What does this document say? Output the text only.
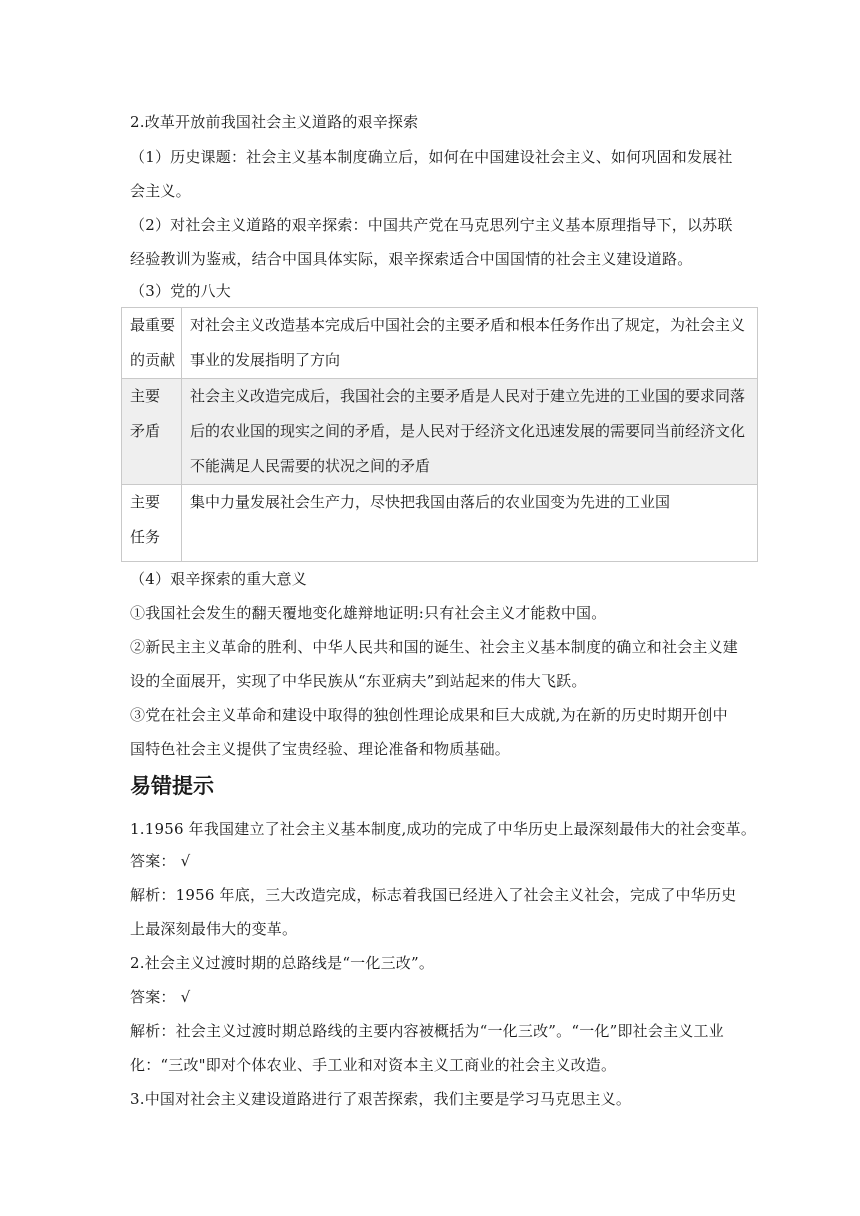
2.改革开放前我国社会主义道路的艰辛探索
（1）历史课题：社会主义基本制度确立后，如何在中国建设社会主义、如何巩固和发展社
会主义。
（2）对社会主义道路的艰辛探索：中国共产党在马克思列宁主义基本原理指导下，以苏联
经验教训为鉴戒，结合中国具体实际，艰辛探索适合中国国情的社会主义建设道路。
（3）党的八大
最重要
的贡献	对社会主义改造基本完成后中国社会的主要矛盾和根本任务作出了规定，为社会主义
事业的发展指明了方向

主要
矛盾	社会主义改造完成后，我国社会的主要矛盾是人民对于建立先进的工业国的要求同落
后的农业国的现实之间的矛盾，是人民对于经济文化迅速发展的需要同当前经济文化
不能满足人民需要的状况之间的矛盾

主要
任务	集中力量发展社会生产力，尽快把我国由落后的农业国变为先进的工业国
（4）艰辛探索的重大意义
①我国社会发生的翻天覆地变化雄辩地证明:只有社会主义才能救中国。
②新民主主义革命的胜利、中华人民共和国的诞生、社会主义基本制度的确立和社会主义建
设的全面展开，实现了中华民族从“东亚病夫”到站起来的伟大飞跃。
③党在社会主义革命和建设中取得的独创性理论成果和巨大成就,为在新的历史时期开创中
国特色社会主义提供了宝贵经验、理论准备和物质基础。
易错提示
1.1956 年我国建立了社会主义基本制度,成功的完成了中华历史上最深刻最伟大的社会变革。
答案： √
解析：1956 年底，三大改造完成，标志着我国已经进入了社会主义社会，完成了中华历史
上最深刻最伟大的变革。
2.社会主义过渡时期的总路线是“一化三改”。
答案： √
解析：社会主义过渡时期总路线的主要内容被概括为“一化三改”。“一化”即社会主义工业
化：“三改"即对个体农业、手工业和对资本主义工商业的社会主义改造。
3.中国对社会主义建设道路进行了艰苦探索，我们主要是学习马克思主义。
